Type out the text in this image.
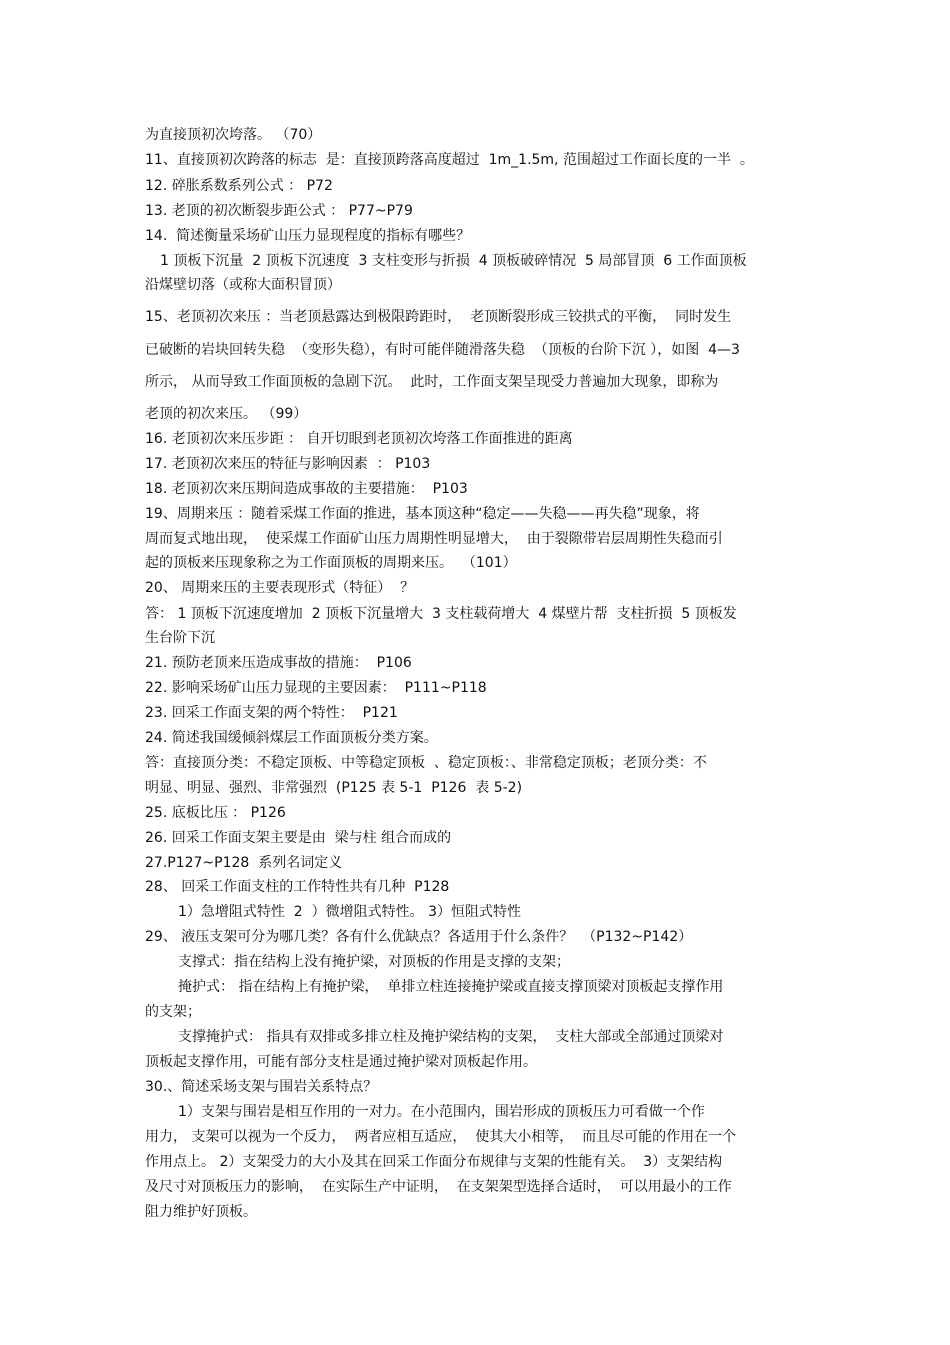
为直接顶初次垮落。 （70）
11、直接顶初次跨落的标志  是：直接顶跨落高度超过  1m_1.5m, 范围超过工作面长度的一半  。
12. 碎胀系数系列公式 ： P72
13. 老顶的初次断裂步距公式 ： P77~P79
14.  简述衡量采场矿山压力显现程度的指标有哪些？
1 顶板下沉量  2 顶板下沉速度  3 支柱变形与折损  4 顶板破碎情况  5 局部冒顶  6 工作面顶板
沿煤壁切落（或称大面积冒顶）
15、老顶初次来压 ：当老顶悬露达到极限跨距时，  老顶断裂形成三铰拱式的平衡，  同时发生
已破断的岩块回转失稳  （变形失稳），有时可能伴随滑落失稳  （顶板的台阶下沉 ），如图  4—3
所示， 从而导致工作面顶板的急剧下沉。  此时，工作面支架呈现受力普遍加大现象，即称为
老顶的初次来压。 （99）
16. 老顶初次来压步距 ： 自开切眼到老顶初次垮落工作面推进的距离
17. 老顶初次来压的特征与影响因素  ： P103
18. 老顶初次来压期间造成事故的主要措施：  P103
19、周期来压 ：随着采煤工作面的推进，基本顶这种“稳定——失稳——再失稳”现象，将
周而复式地出现，  使采煤工作面矿山压力周期性明显增大，  由于裂隙带岩层周期性失稳而引
起的顶板来压现象称之为工作面顶板的周期来压。  （101）
20、 周期来压的主要表现形式（特征）  ？
答： 1 顶板下沉速度增加  2 顶板下沉量增大  3 支柱载荷增大  4 煤壁片帮  支柱折损  5 顶板发
生台阶下沉
21. 预防老顶来压造成事故的措施：  P106
22. 影响采场矿山压力显现的主要因素：  P111~P118
23. 回采工作面支架的两个特性：  P121
24. 简述我国缓倾斜煤层工作面顶板分类方案。
答：直接顶分类：不稳定顶板、中等稳定顶板  、稳定顶板：、非常稳定顶板；老顶分类：不
明显、明显、强烈、非常强烈  (P125 表 5-1  P126  表 5-2)
25. 底板比压 ： P126
26. 回采工作面支架主要是由  梁与柱 组合而成的
27.P127~P128  系列名词定义
28、 回采工作面支柱的工作特性共有几种  P128
1）急增阻式特性  2  ）微增阻式特性。 3）恒阻式特性
29、 液压支架可分为哪几类？各有什么优缺点？各适用于什么条件？  （P132~P142）
支撑式：指在结构上没有掩护梁，对顶板的作用是支撑的支架；
掩护式： 指在结构上有掩护梁，  单排立柱连接掩护梁或直接支撑顶梁对顶板起支撑作用
的支架；
支撑掩护式： 指具有双排或多排立柱及掩护梁结构的支架，  支柱大部或全部通过顶梁对
顶板起支撑作用，可能有部分支柱是通过掩护梁对顶板起作用。
30.、简述采场支架与围岩关系特点？
1）支架与围岩是相互作用的一对力。在小范围内，围岩形成的顶板压力可看做一个作
用力， 支架可以视为一个反力，  两者应相互适应，  使其大小相等，  而且尽可能的作用在一个
作用点上。 2）支架受力的大小及其在回采工作面分布规律与支架的性能有关。  3）支架结构
及尺寸对顶板压力的影响，  在实际生产中证明，  在支架架型选择合适时，  可以用最小的工作
阻力维护好顶板。
